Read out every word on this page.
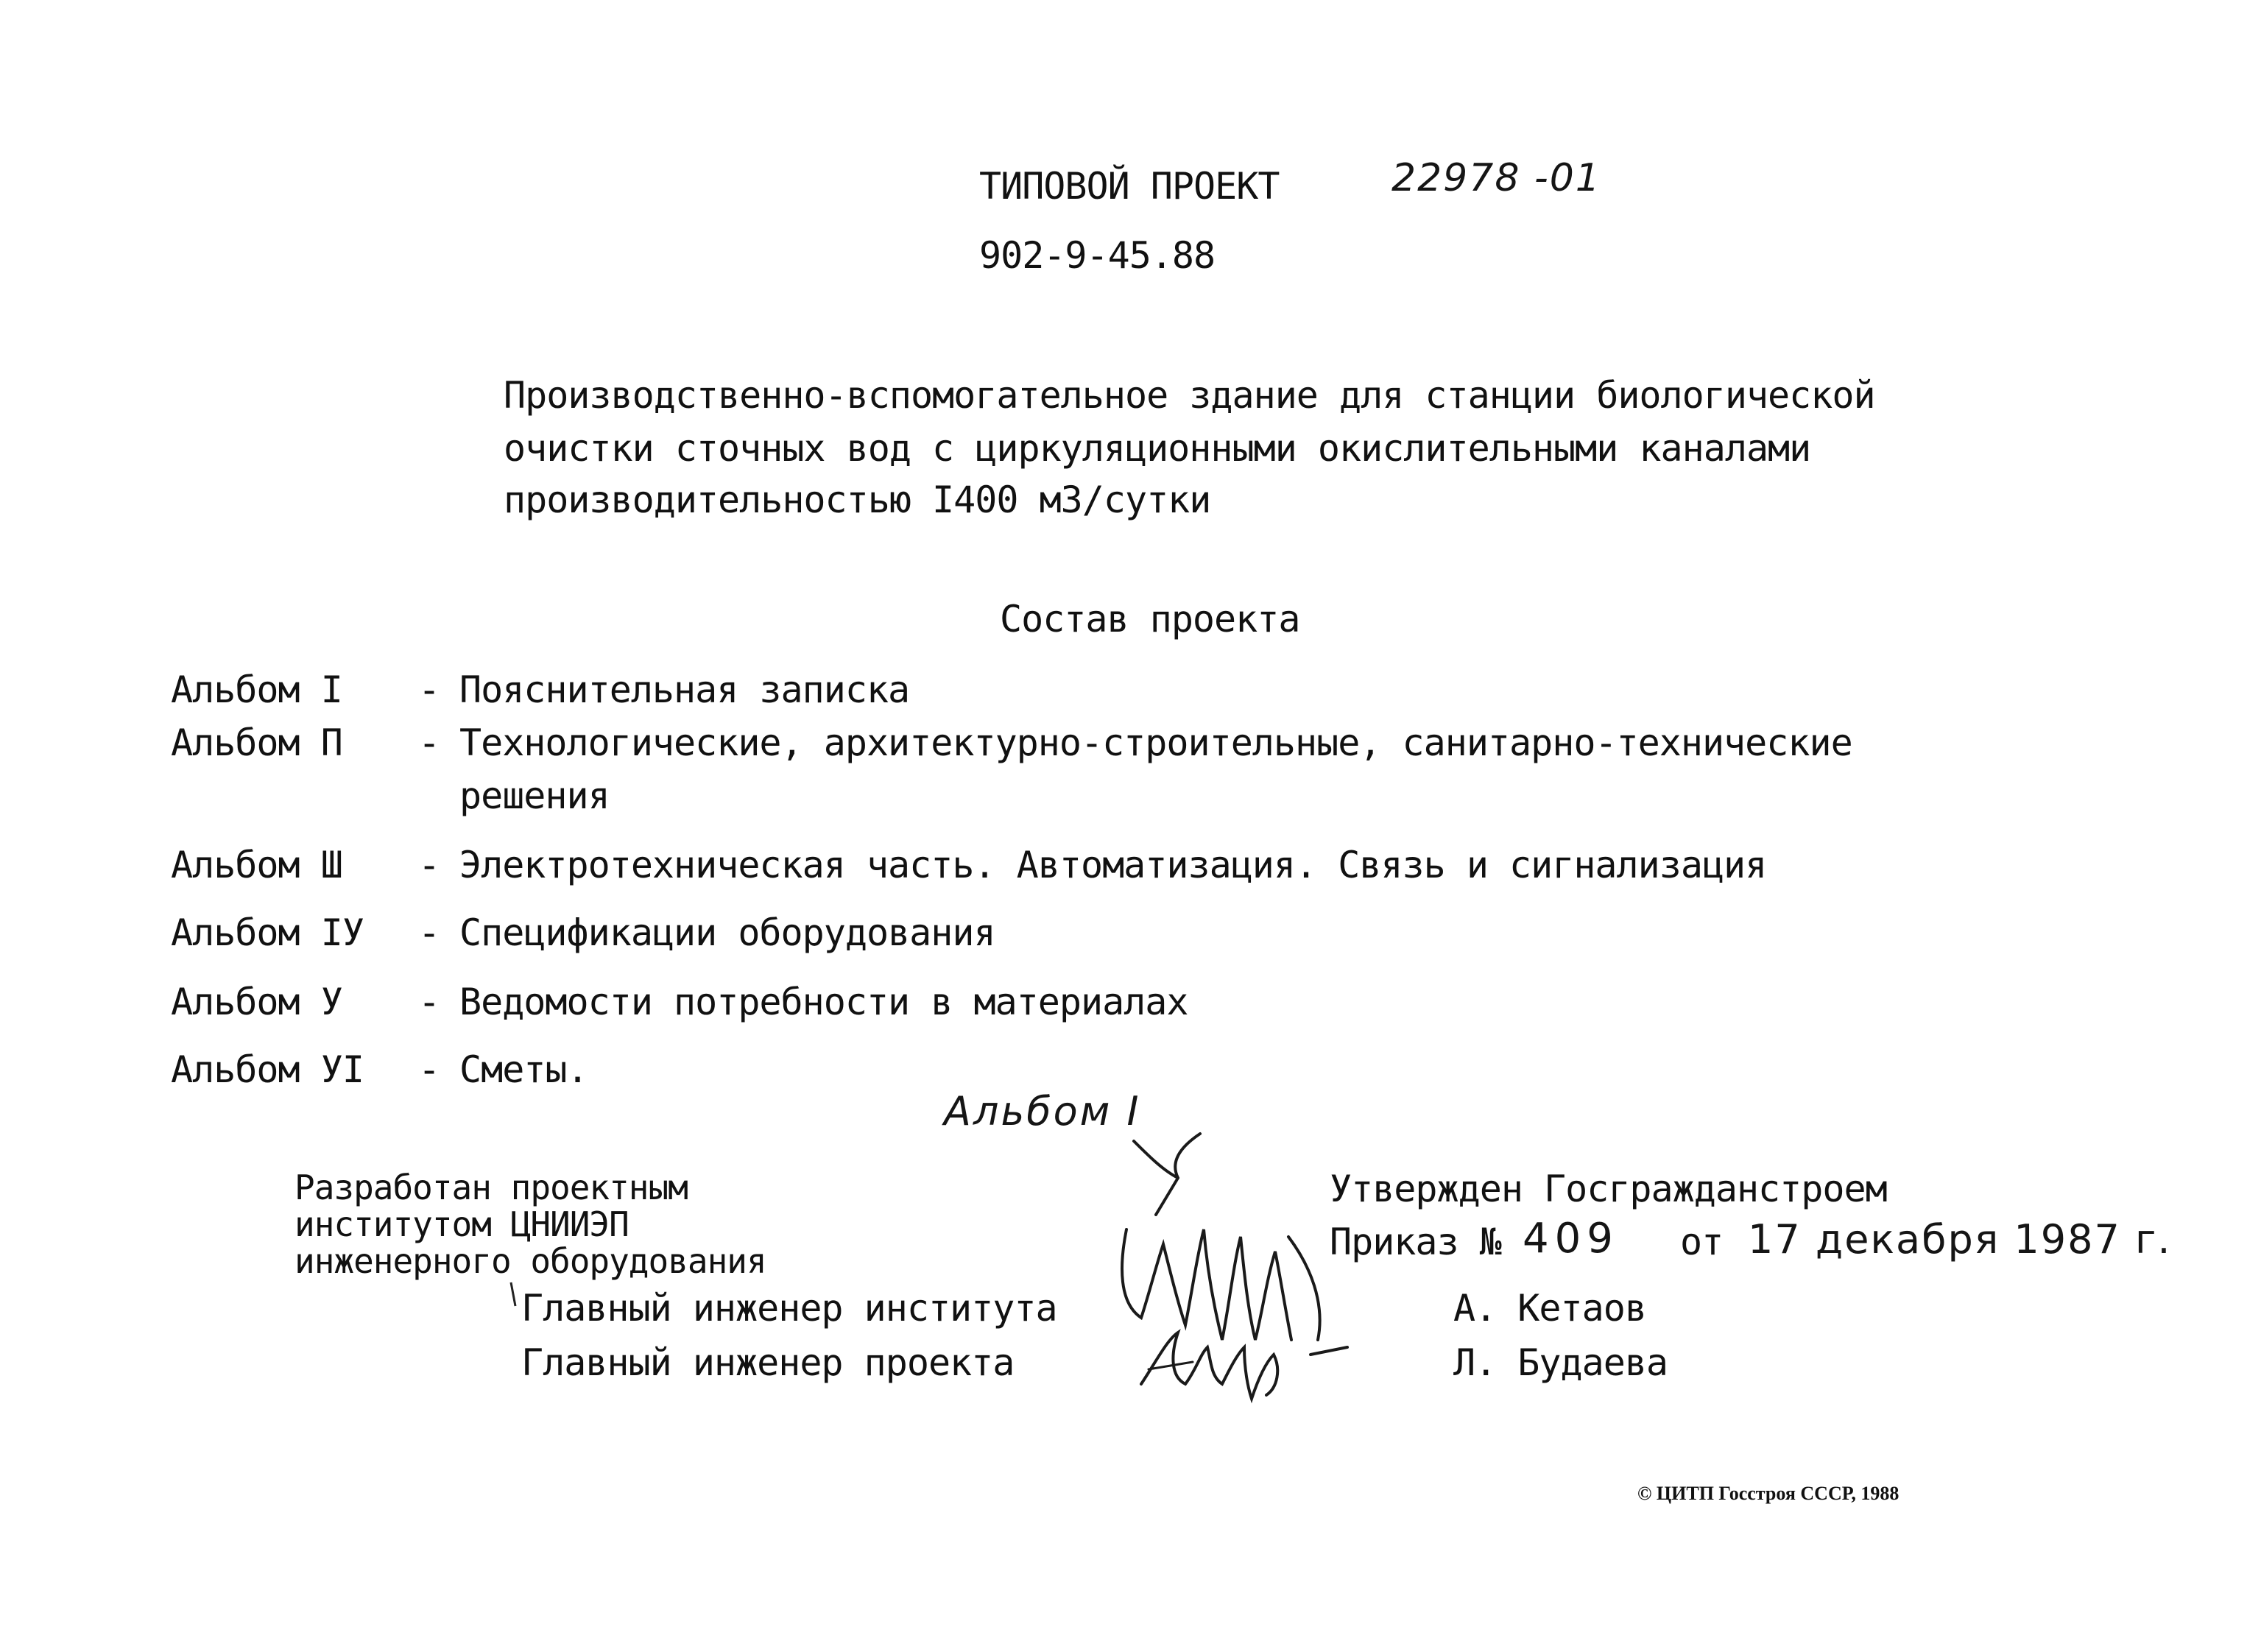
ТИПОВОЙ ПРОЕКТ	22978 -01
902-9-45.88
Производственно-вспомогательное здание для станции биологической
очистки сточных вод с циркуляционными окислительными каналами
производительностью I400 м3/сутки
Состав проекта
Альбом I - Пояснительная записка
Альбом П - Технологические, архитектурно-строительные, санитарно-технические
решения
Альбом Ш - Электротехническая часть. Автоматизация. Связь и сигнализация
Альбом IУ - Спецификации оборудования
Альбом У - Ведомости потребности в материалах
Альбом УI - Сметы.
Альбом I
Разработан проектным
институтом ЦНИИЭП
инженерного оборудования
Утвержден Госгражданстроем
Приказ № 409 от 17 декабря 1987 г.
Главный инженер института	А. Кетаов
Главный инженер проекта	Л. Будаева
© ЦИТП Госстроя СССР, 1988
